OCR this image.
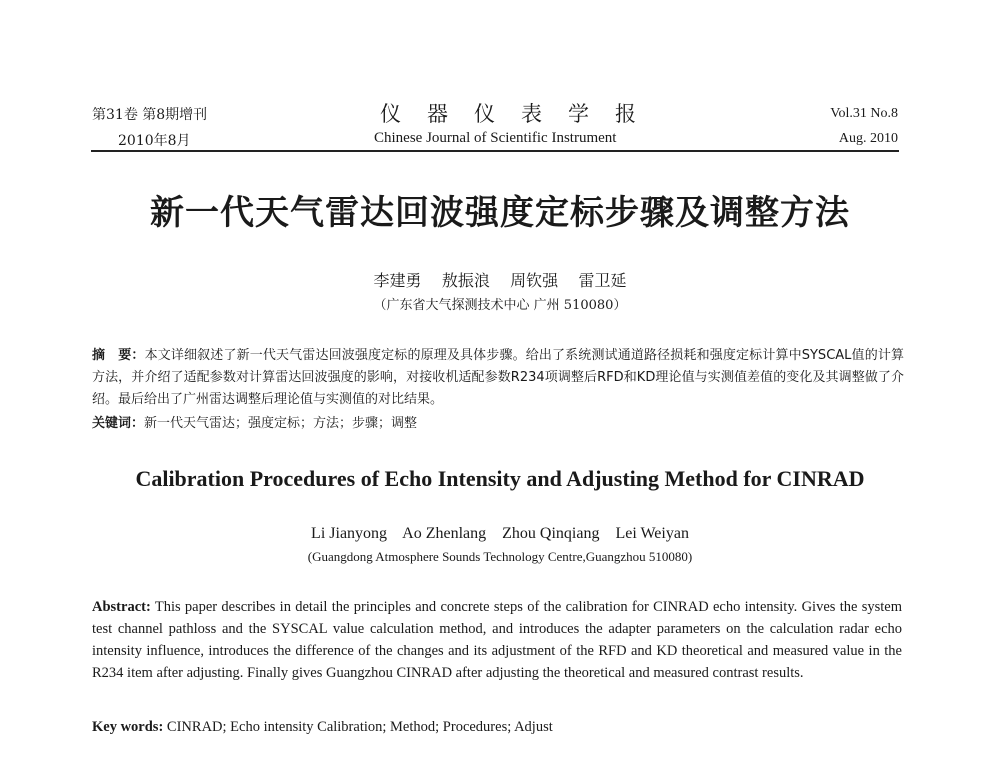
第31卷 第8期增刊
2010年8月
仪器仪表学报
Chinese Journal of Scientific Instrument
Vol.31 No.8
Aug. 2010
新一代天气雷达回波强度定标步骤及调整方法
李建勇    敖振浪    周钦强    雷卫延
（广东省大气探测技术中心 广州 510080）
摘　要：本文详细叙述了新一代天气雷达回波强度定标的原理及具体步骤。给出了系统测试通道路径损耗和强度定标计算中SYSCAL值的计算方法，并介绍了适配参数对计算雷达回波强度的影响，对接收机适配参数R234项调整后RFD和KD理论值与实测值差值的变化及其调整做了介绍。最后给出了广州雷达调整后理论值与实测值的对比结果。
关键词：新一代天气雷达；强度定标；方法；步骤；调整
Calibration Procedures of Echo Intensity and Adjusting Method for CINRAD
Li Jianyong    Ao Zhenlang    Zhou Qinqiang    Lei Weiyan
(Guangdong Atmosphere Sounds Technology Centre,Guangzhou 510080)
Abstract: This paper describes in detail the principles and concrete steps of the calibration for CINRAD echo intensity. Gives the system test channel pathloss and the SYSCAL value calculation method, and introduces the adapter parameters on the calculation radar echo intensity influence, introduces the difference of the changes and its adjustment of the RFD and KD theoretical and measured value in the R234 item after adjusting. Finally gives Guangzhou CINRAD after adjusting the theoretical and measured contrast results.
Key words: CINRAD; Echo intensity Calibration; Method; Procedures; Adjust
